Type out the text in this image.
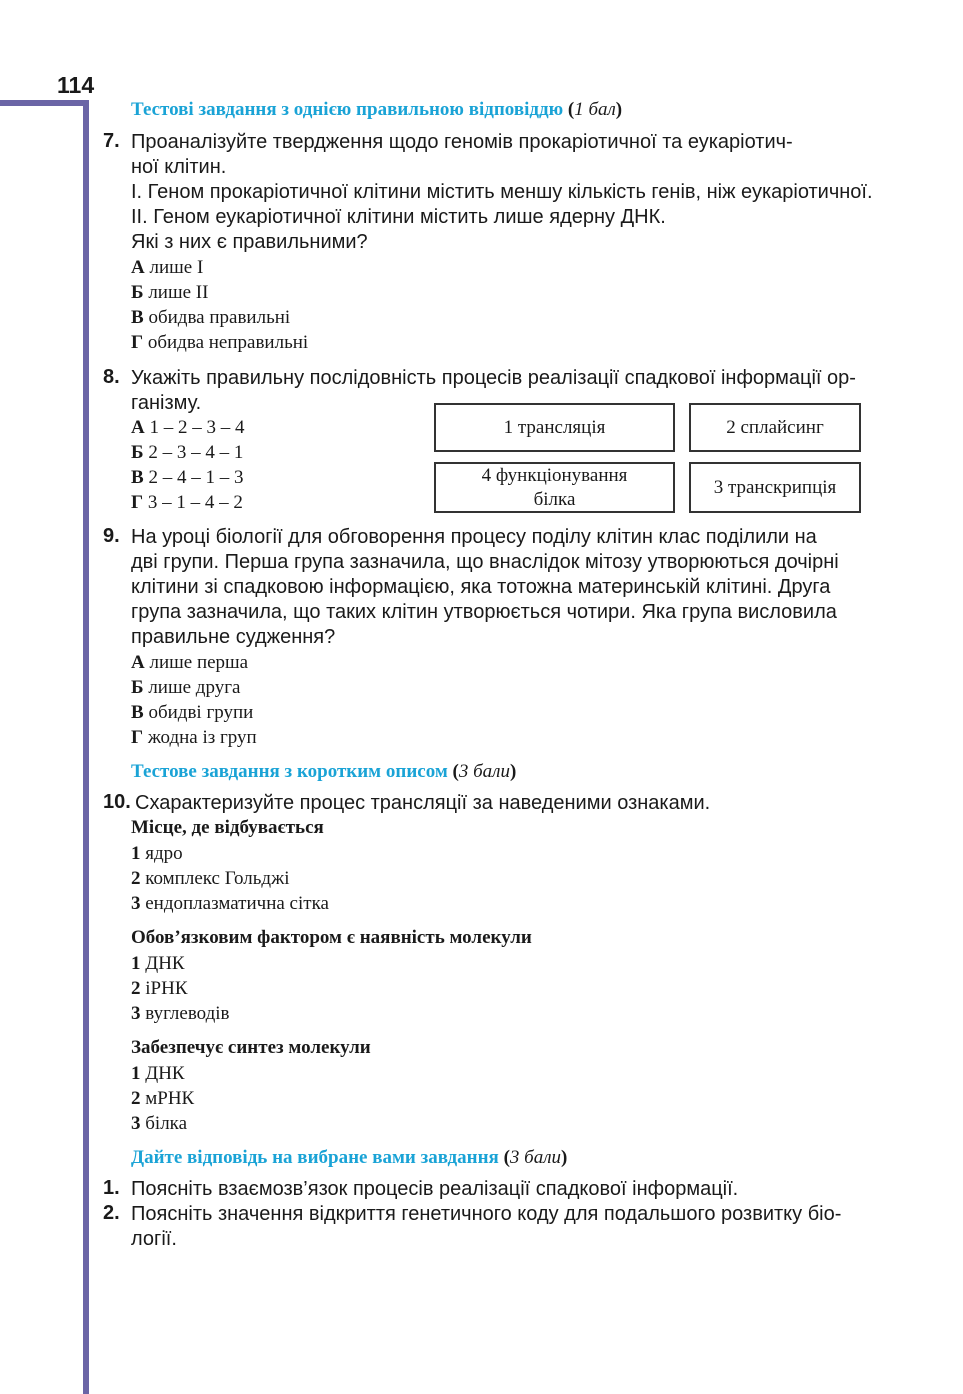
114
Тестові завдання з однією правильною відповіддю (1 бал)
7. Проаналізуйте твердження щодо геномів прокаріотичної та еукаріотич-
ної клітин.
І. Геном прокаріотичної клітини містить меншу кількість генів, ніж еукаріотичної.
ІІ. Геном еукаріотичної клітини містить лише ядерну ДНК.
Які з них є правильними?
А лише І
Б лише ІІ
В обидва правильні
Г обидва неправильні
8. Укажіть правильну послідовність процесів реалізації спадкової інформації ор-
ганізму.
А 1 – 2 – 3 – 4
Б 2 – 3 – 4 – 1
В 2 – 4 – 1 – 3
Г 3 – 1 – 4 – 2
1 трансляція	2 сплайсинг
4 функціонування
білка
3 транскрипція
9. На уроці біології для обговорення процесу поділу клітин клас поділили на
дві групи. Перша група зазначила, що внаслідок мітозу утворюються дочірні
клітини зі спадковою інформацією, яка тотожна материнській клітині. Друга
група зазначила, що таких клітин утворюється чотири. Яка група висловила
правильне судження?
А лише перша
Б лише друга
В обидві групи
Г жодна із груп
Тестове завдання з коротким описом (3 бали)
10. Схарактеризуйте процес трансляції за наведеними ознаками.
Місце, де відбувається
1 ядро
2 комплекс Гольджі
3 ендоплазматична сітка
Обов’язковим фактором є наявність молекули
1 ДНК
2 іРНК
3 вуглеводів
Забезпечує синтез молекули
1 ДНК
2 мРНК
3 білка
Дайте відповідь на вибране вами завдання (3 бали)
1. Поясніть взаємозв’язок процесів реалізації спадкової інформації.
2. Поясніть значення відкриття генетичного коду для подальшого розвитку біо-
логії.
